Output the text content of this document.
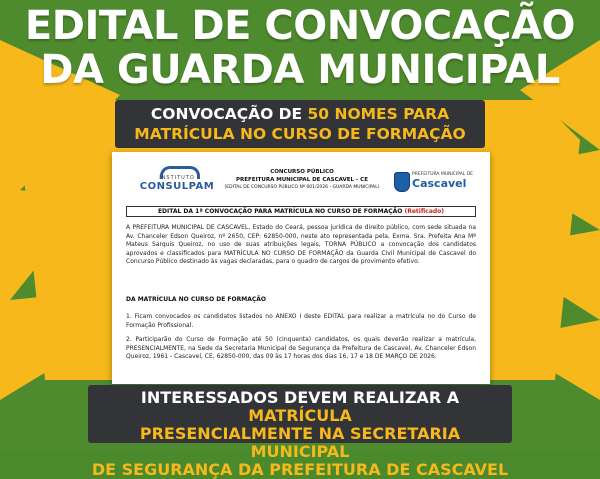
EDITAL DE CONVOCAÇÃO
DA GUARDA MUNICIPAL
CONVOCAÇÃO DE 50 NOMES PARA
MATRÍCULA NO CURSO DE FORMAÇÃO
INSTITUTO
CONSULPAM
CONCURSO PÚBLICO
PREFEITURA MUNICIPAL DE CASCAVEL - CE
(EDITAL DE CONCURSO PÚBLICO Nº 001/2026 - GUARDA MUNICIPAL)
PREFEITURA MUNICIPAL DE
Cascavel
EDITAL DA 1ª CONVOCAÇÃO PARA MATRÍCULA NO CURSO DE FORMAÇÃO (Retificado)
A PREFEITURA MUNICIPAL DE CASCAVEL, Estado do Ceará, pessoa jurídica de direito público, com sede situada na Av. Chanceler Edson Queiroz, nº 2650, CEP: 62850-000, neste ato representada pela, Exma. Sra. Prefeita Ana Mª Mateus Sarquis Queiroz, no uso de suas atribuições legais, TORNA PÚBLICO a convocação dos candidatos aprovados e classificados para MATRÍCULA NO CURSO DE FORMAÇÃO da Guarda Civil Municipal de Cascavel do Concurso Público destinado às vagas declaradas, para o quadro de cargos de provimento efetivo.
DA MATRÍCULA NO CURSO DE FORMAÇÃO
1. Ficam convocados os candidatos listados no ANEXO I deste EDITAL para realizar a matrícula no do Curso de Formação Profissional.
2. Participarão do Curso de Formação até 50 (cinquenta) candidatos, os quais deverão realizar a matrícula, PRESENCIALMENTE, na Sede da Secretaria Municipal de Segurança da Prefeitura de Cascavel, Av. Chanceler Edson Queiroz, 1961 - Cascavel, CE, 62850-000, das 09 às 17 horas dos dias 16, 17 e 18 DE MARÇO DE 2026.
INTERESSADOS DEVEM REALIZAR A MATRÍCULA
PRESENCIALMENTE NA SECRETARIA MUNICIPAL
DE SEGURANÇA DA PREFEITURA DE CASCAVEL
